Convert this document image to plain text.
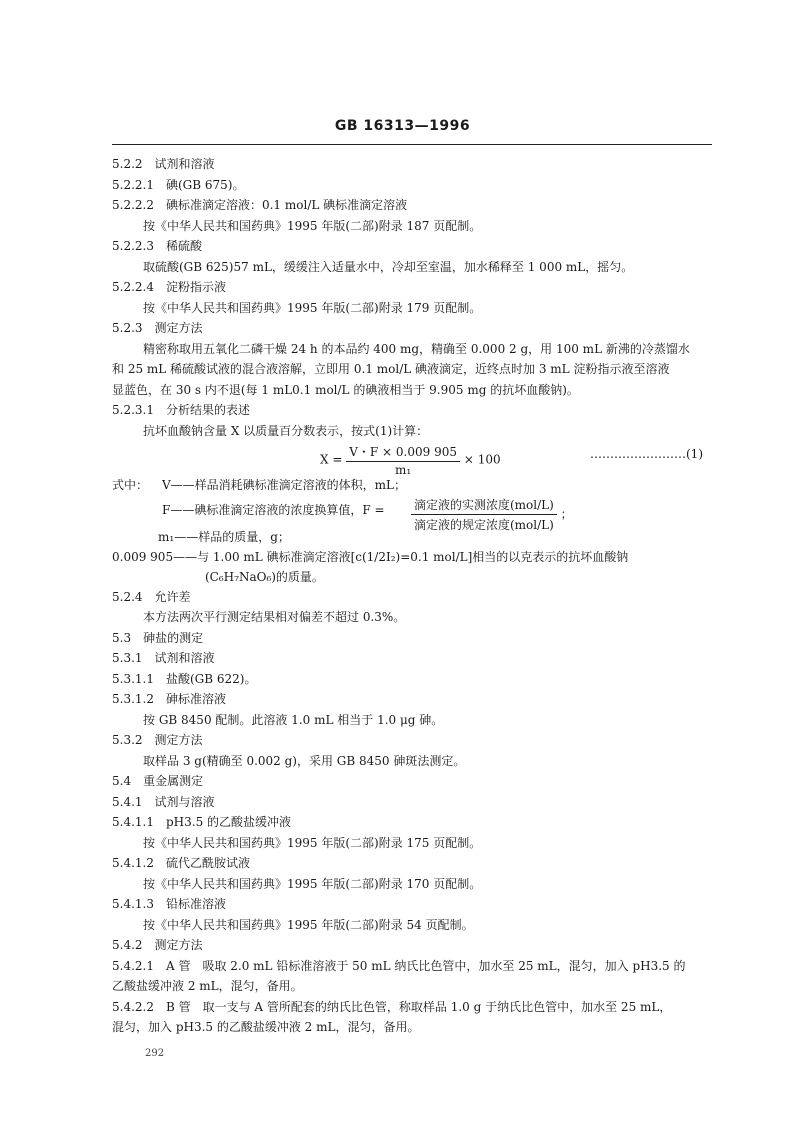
GB 16313—1996
5.2.2　试剂和溶液
5.2.2.1　碘(GB 675)。
5.2.2.2　碘标准滴定溶液：0.1 mol/L 碘标准滴定溶液
按《中华人民共和国药典》1995 年版(二部)附录 187 页配制。
5.2.2.3　稀硫酸
取硫酸(GB 625)57 mL，缓缓注入适量水中，冷却至室温，加水稀释至 1 000 mL，摇匀。
5.2.2.4　淀粉指示液
按《中华人民共和国药典》1995 年版(二部)附录 179 页配制。
5.2.3　测定方法
精密称取用五氧化二磷干燥 24 h 的本品约 400 mg，精确至 0.000 2 g，用 100 mL 新沸的冷蒸馏水
和 25 mL 稀硫酸试液的混合液溶解，立即用 0.1 mol/L 碘液滴定，近终点时加 3 mL 淀粉指示液至溶液
显蓝色，在 30 s 内不退(每 1 mL0.1 mol/L 的碘液相当于 9.905 mg 的抗坏血酸钠)。
5.2.3.1　分析结果的表述
抗坏血酸钠含量 X 以质量百分数表示，按式(1)计算：
$X = \frac{V・F \times 0.009 905}{\text{m₁}} \times 100$	……………………(1)
式中： V——样品消耗碘标准滴定溶液的体积，mL；
F——碘标准滴定溶液的浓度换算值，$F = \frac{\text{滴定液的实测浓度(mol/L)}}{\text{滴定液的规定浓度(mol/L)}}$ ；
m₁——样品的质量，g；
0.009 905——与 1.00 mL 碘标准滴定溶液[c(1/2I₂)=0.1 mol/L]相当的以克表示的抗坏血酸钠
(C₆H₇NaO₆)的质量。
5.2.4　允许差
本方法两次平行测定结果相对偏差不超过 0.3%。
5.3　砷盐的测定
5.3.1　试剂和溶液
5.3.1.1　盐酸(GB 622)。
5.3.1.2　砷标准溶液
按 GB 8450 配制。此溶液 1.0 mL 相当于 1.0 μg 砷。
5.3.2　测定方法
取样品 3 g(精确至 0.002 g)，采用 GB 8450 砷斑法测定。
5.4　重金属测定
5.4.1　试剂与溶液
5.4.1.1　pH3.5 的乙酸盐缓冲液
按《中华人民共和国药典》1995 年版(二部)附录 175 页配制。
5.4.1.2　硫代乙酰胺试液
按《中华人民共和国药典》1995 年版(二部)附录 170 页配制。
5.4.1.3　铅标准溶液
按《中华人民共和国药典》1995 年版(二部)附录 54 页配制。
5.4.2　测定方法
5.4.2.1　A 管　吸取 2.0 mL 铅标准溶液于 50 mL 纳氏比色管中，加水至 25 mL，混匀，加入 pH3.5 的
乙酸盐缓冲液 2 mL，混匀，备用。
5.4.2.2　B 管　取一支与 A 管所配套的纳氏比色管，称取样品 1.0 g 于纳氏比色管中，加水至 25 mL，
混匀，加入 pH3.5 的乙酸盐缓冲液 2 mL，混匀，备用。
292
